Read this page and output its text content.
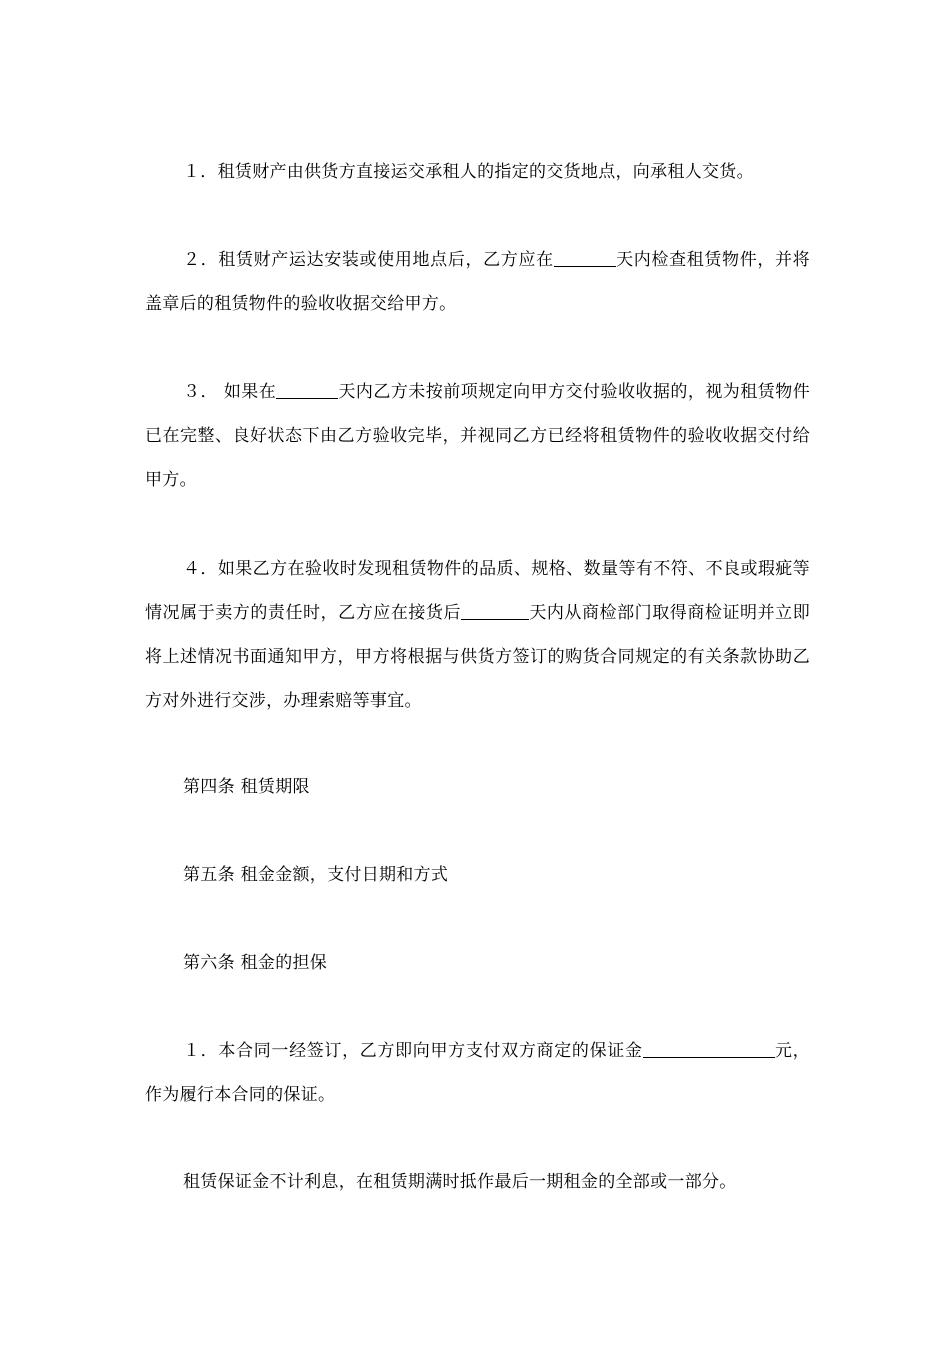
１．租赁财产由供货方直接运交承租人的指定的交货地点，向承租人交货。

２．租赁财产运达安装或使用地点后，乙方应在	天内检查租赁物件，并将盖章后的租赁物件的验收收据交给甲方。

３． 如果在	天内乙方未按前项规定向甲方交付验收收据的，视为租赁物件已在完整、良好状态下由乙方验收完毕，并视同乙方已经将租赁物件的验收收据交付给甲方。

４．如果乙方在验收时发现租赁物件的品质、规格、数量等有不符、不良或瑕疵等情况属于卖方的责任时，乙方应在接货后	天内从商检部门取得商检证明并立即将上述情况书面通知甲方，甲方将根据与供货方签订的购货合同规定的有关条款协助乙方对外进行交涉，办理索赔等事宜。

第四条 租赁期限

第五条 租金金额，支付日期和方式

第六条 租金的担保

１．本合同一经签订，乙方即向甲方支付双方商定的保证金	元，作为履行本合同的保证。

租赁保证金不计利息，在租赁期满时抵作最后一期租金的全部或一部分。
